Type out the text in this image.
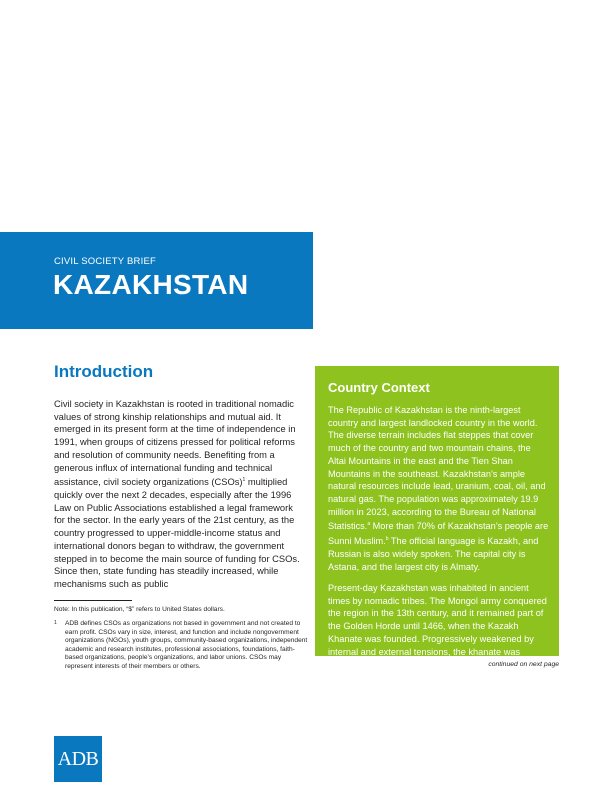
CIVIL SOCIETY BRIEF
KAZAKHSTAN
Introduction

Civil society in Kazakhstan is rooted in traditional nomadic values of strong kinship relationships and mutual aid. It emerged in its present form at the time of independence in 1991, when groups of citizens pressed for political reforms and resolution of community needs. Benefiting from a generous influx of international funding and technical assistance, civil society organizations (CSOs)$^1$ multiplied quickly over the next 2 decades, especially after the 1996 Law on Public Associations established a legal framework for the sector. In the early years of the 21st century, as the country progressed to upper-middle-income status and international donors began to withdraw, the government stepped in to become the main source of funding for CSOs. Since then, state funding has steadily increased, while mechanisms such as public

Note: In this publication, “$” refers to United States dollars.

1	ADB defines CSOs as organizations not based in government and not created to earn profit. CSOs vary in size, interest, and function and include nongovernment organizations (NGOs), youth groups, community-based organizations, independent academic and research institutes, professional associations, foundations, faith-based organizations, people’s organizations, and labor unions. CSOs may represent interests of their members or others.

Country Context

The Republic of Kazakhstan is the ninth-largest country and largest landlocked country in the world. The diverse terrain includes flat steppes that cover much of the country and two mountain chains, the Altai Mountains in the east and the Tien Shan Mountains in the southeast. Kazakhstan’s ample natural resources include lead, uranium, coal, oil, and natural gas. The population was approximately 19.9 million in 2023, according to the Bureau of National Statistics.$^a$ More than 70% of Kazakhstan’s people are Sunni Muslim.$^b$ The official language is Kazakh, and Russian is also widely spoken. The capital city is Astana, and the largest city is Almaty.

Present-day Kazakhstan was inhabited in ancient times by nomadic tribes. The Mongol army conquered the region in the 13th century, and it remained part of the Golden Horde until 1466, when the Kazakh Khanate was founded. Progressively weakened by internal and external tensions, the khanate was incorporated into the	continued on next page
ADB
